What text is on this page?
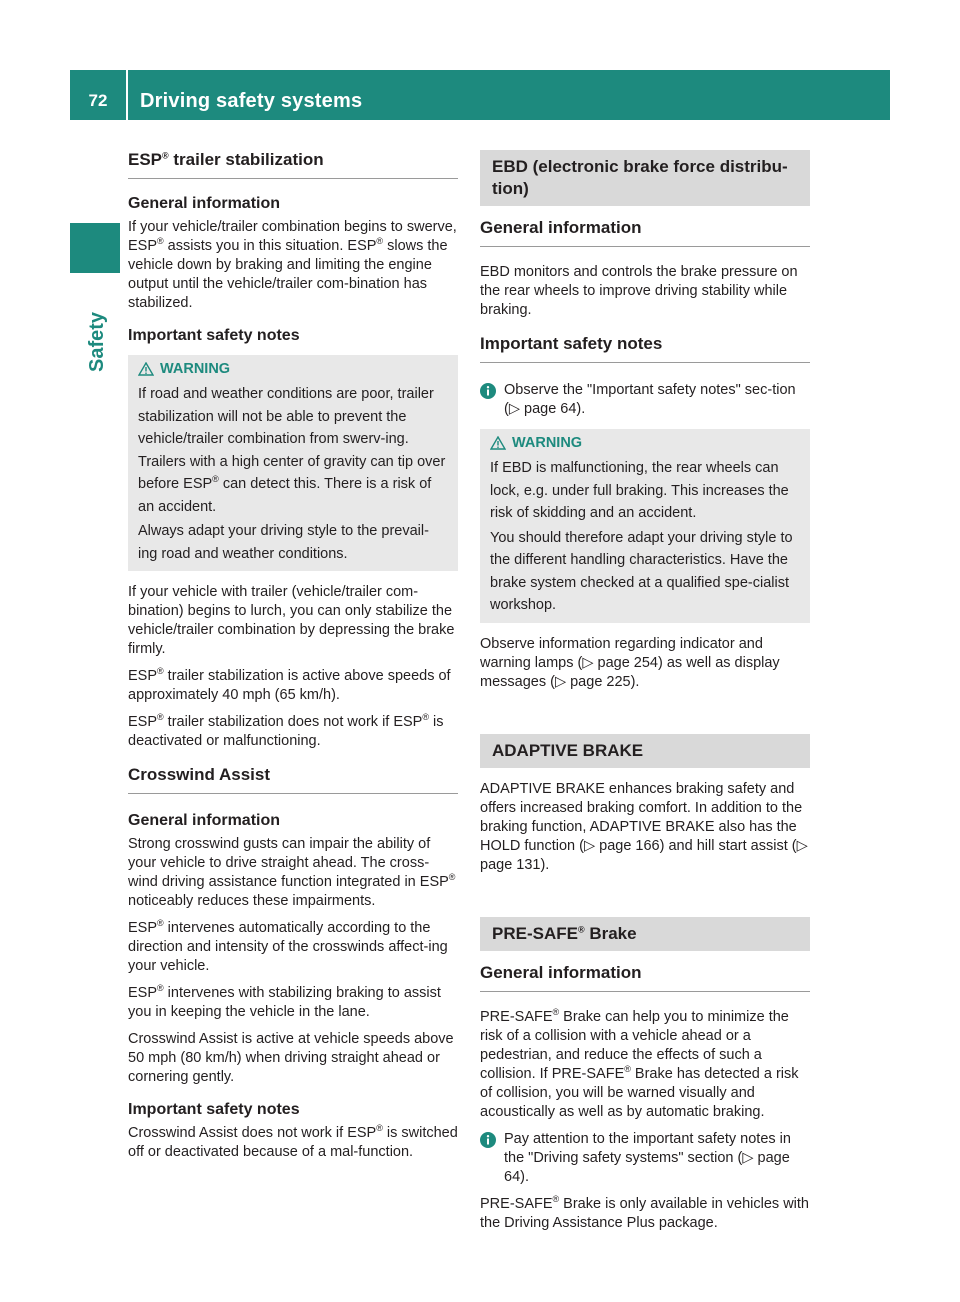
72	Driving safety systems
Safety
ESP® trailer stabilization
General information

If your vehicle/trailer combination begins to swerve, ESP® assists you in this situation. ESP® slows the vehicle down by braking and limiting the engine output until the vehicle/trailer com-bination has stabilized.

Important safety notes
WARNING

If road and weather conditions are poor, trailer stabilization will not be able to prevent the vehicle/trailer combination from swerv-ing. Trailers with a high center of gravity can tip over before ESP® can detect this. There is a risk of an accident.

Always adapt your driving style to the prevail-ing road and weather conditions.

If your vehicle with trailer (vehicle/trailer com-bination) begins to lurch, you can only stabilize the vehicle/trailer combination by depressing the brake firmly.

ESP® trailer stabilization is active above speeds of approximately 40 mph (65 km/h).

ESP® trailer stabilization does not work if ESP® is deactivated or malfunctioning.

Crosswind Assist
General information

Strong crosswind gusts can impair the ability of your vehicle to drive straight ahead. The cross-wind driving assistance function integrated in ESP® noticeably reduces these impairments.

ESP® intervenes automatically according to the direction and intensity of the crosswinds affect-ing your vehicle.

ESP® intervenes with stabilizing braking to assist you in keeping the vehicle in the lane.

Crosswind Assist is active at vehicle speeds above 50 mph (80 km/h) when driving straight ahead or cornering gently.

Important safety notes

Crosswind Assist does not work if ESP® is switched off or deactivated because of a mal-function.

EBD (electronic brake force distribu-tion)
General information

EBD monitors and controls the brake pressure on the rear wheels to improve driving stability while braking.

Important safety notes

Observe the "Important safety notes" sec-tion (▷ page 64).

WARNING

If EBD is malfunctioning, the rear wheels can lock, e.g. under full braking. This increases the risk of skidding and an accident.

You should therefore adapt your driving style to the different handling characteristics. Have the brake system checked at a qualified spe-cialist workshop.

Observe information regarding indicator and warning lamps (▷ page 254) as well as display messages (▷ page 225).

ADAPTIVE BRAKE

ADAPTIVE BRAKE enhances braking safety and offers increased braking comfort. In addition to the braking function, ADAPTIVE BRAKE also has the HOLD function (▷ page 166) and hill start assist (▷ page 131).

PRE-SAFE® Brake
General information

PRE-SAFE® Brake can help you to minimize the risk of a collision with a vehicle ahead or a pedestrian, and reduce the effects of such a collision. If PRE-SAFE® Brake has detected a risk of collision, you will be warned visually and acoustically as well as by automatic braking.

Pay attention to the important safety notes in the "Driving safety systems" section (▷ page 64).

PRE-SAFE® Brake is only available in vehicles with the Driving Assistance Plus package.
